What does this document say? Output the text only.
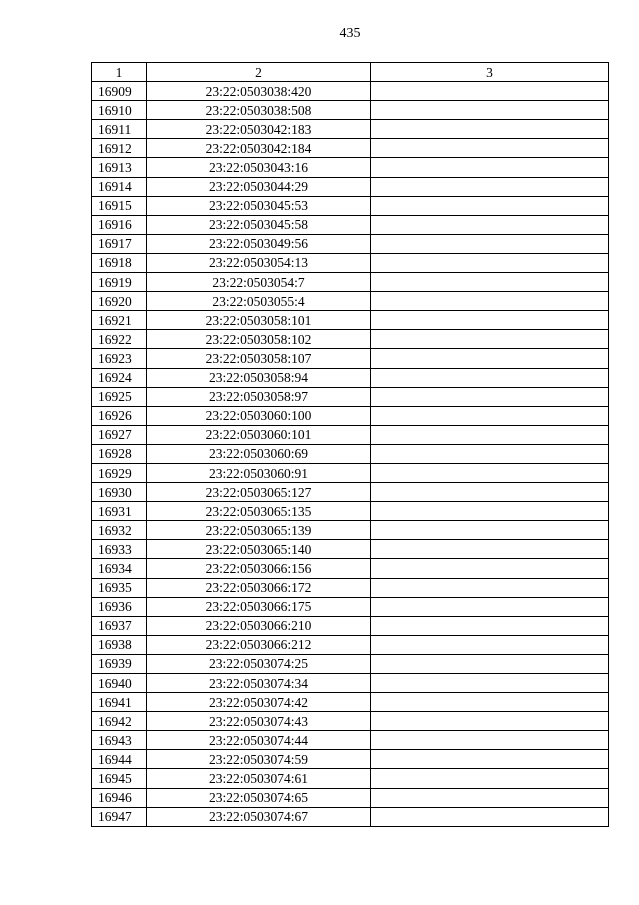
435
1	2	3
16909	23:22:0503038:420	
16910	23:22:0503038:508	
16911	23:22:0503042:183	
16912	23:22:0503042:184	
16913	23:22:0503043:16	
16914	23:22:0503044:29	
16915	23:22:0503045:53	
16916	23:22:0503045:58	
16917	23:22:0503049:56	
16918	23:22:0503054:13	
16919	23:22:0503054:7	
16920	23:22:0503055:4	
16921	23:22:0503058:101	
16922	23:22:0503058:102	
16923	23:22:0503058:107	
16924	23:22:0503058:94	
16925	23:22:0503058:97	
16926	23:22:0503060:100	
16927	23:22:0503060:101	
16928	23:22:0503060:69	
16929	23:22:0503060:91	
16930	23:22:0503065:127	
16931	23:22:0503065:135	
16932	23:22:0503065:139	
16933	23:22:0503065:140	
16934	23:22:0503066:156	
16935	23:22:0503066:172	
16936	23:22:0503066:175	
16937	23:22:0503066:210	
16938	23:22:0503066:212	
16939	23:22:0503074:25	
16940	23:22:0503074:34	
16941	23:22:0503074:42	
16942	23:22:0503074:43	
16943	23:22:0503074:44	
16944	23:22:0503074:59	
16945	23:22:0503074:61	
16946	23:22:0503074:65	
16947	23:22:0503074:67	
